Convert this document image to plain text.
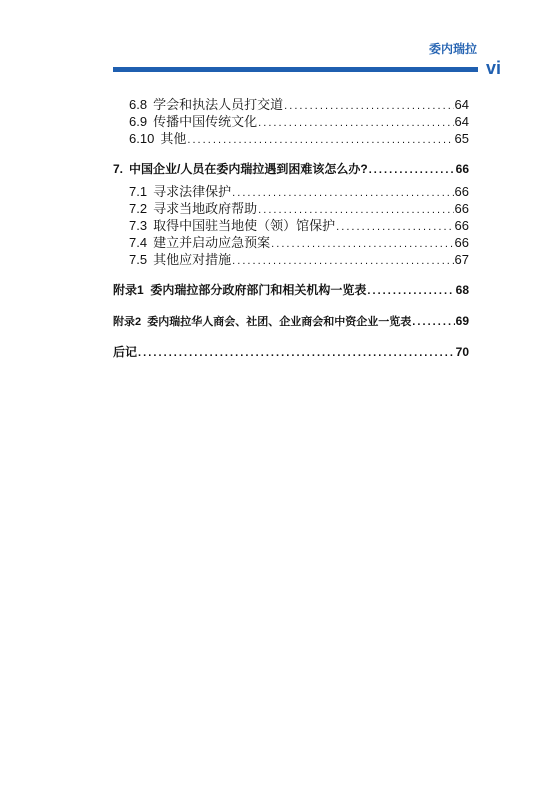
委内瑞拉
vi
6.8 学会和执法人员打交道 . . .	64
6.9 传播中国传统文化 . . .	64
6.10 其他 . . .	65
7. 中国企业/人员在委内瑞拉遇到困难该怎么办? . . .	66
7.1 寻求法律保护 . . .	66
7.2 寻求当地政府帮助 . . .	66
7.3 取得中国驻当地使（领）馆保护 . . .	66
7.4 建立并启动应急预案 . . .	66
7.5 其他应对措施 . . .	67
附录1  委内瑞拉部分政府部门和相关机构一览表 . . .	68
附录2  委内瑞拉华人商会、社团、企业商会和中资企业一览表 . . .	69
后记 . . .	70
